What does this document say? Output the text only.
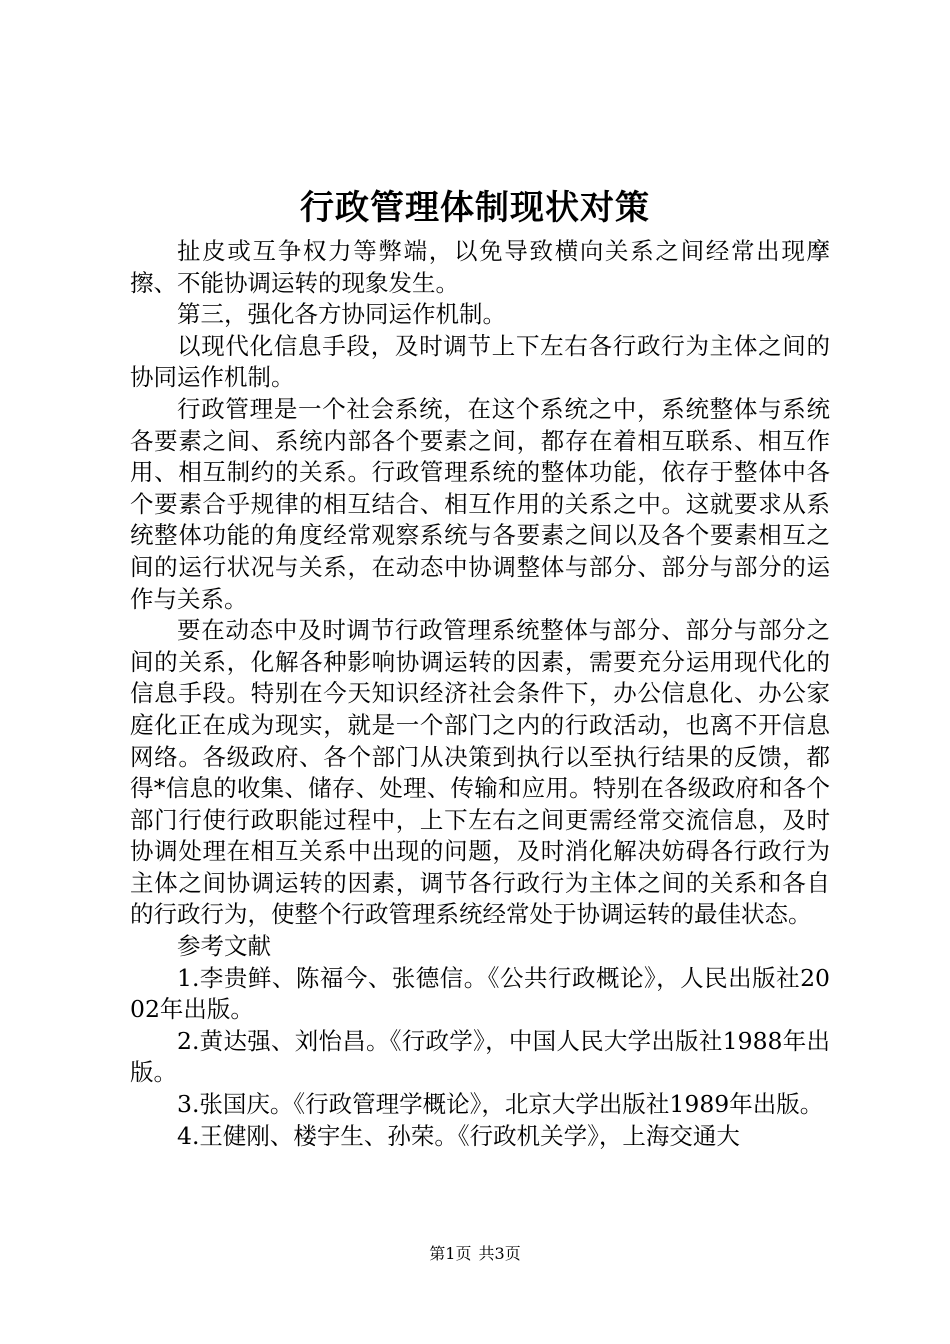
行政管理体制现状对策

扯皮或互争权力等弊端，以免导致横向关系之间经常出现摩擦、不能协调运转的现象发生。

第三，强化各方协同运作机制。

以现代化信息手段，及时调节上下左右各行政行为主体之间的协同运作机制。

行政管理是一个社会系统，在这个系统之中，系统整体与系统各要素之间、系统内部各个要素之间，都存在着相互联系、相互作用、相互制约的关系。行政管理系统的整体功能，依存于整体中各个要素合乎规律的相互结合、相互作用的关系之中。这就要求从系统整体功能的角度经常观察系统与各要素之间以及各个要素相互之间的运行状况与关系，在动态中协调整体与部分、部分与部分的运作与关系。

要在动态中及时调节行政管理系统整体与部分、部分与部分之间的关系，化解各种影响协调运转的因素，需要充分运用现代化的信息手段。特别在今天知识经济社会条件下，办公信息化、办公家庭化正在成为现实，就是一个部门之内的行政活动，也离不开信息网络。各级政府、各个部门从决策到执行以至执行结果的反馈，都得*信息的收集、储存、处理、传输和应用。特别在各级政府和各个部门行使行政职能过程中，上下左右之间更需经常交流信息，及时协调处理在相互关系中出现的问题，及时消化解决妨碍各行政行为主体之间协调运转的因素，调节各行政行为主体之间的关系和各自的行政行为，使整个行政管理系统经常处于协调运转的最佳状态。

参考文献

1.李贵鲜、陈福今、张德信。《公共行政概论》，人民出版社2002年出版。

2.黄达强、刘怡昌。《行政学》，中国人民大学出版社1988年出版。

3.张国庆。《行政管理学概论》，北京大学出版社1989年出版。

4.王健刚、楼宇生、孙荣。《行政机关学》，上海交通大

第1页 共3页
